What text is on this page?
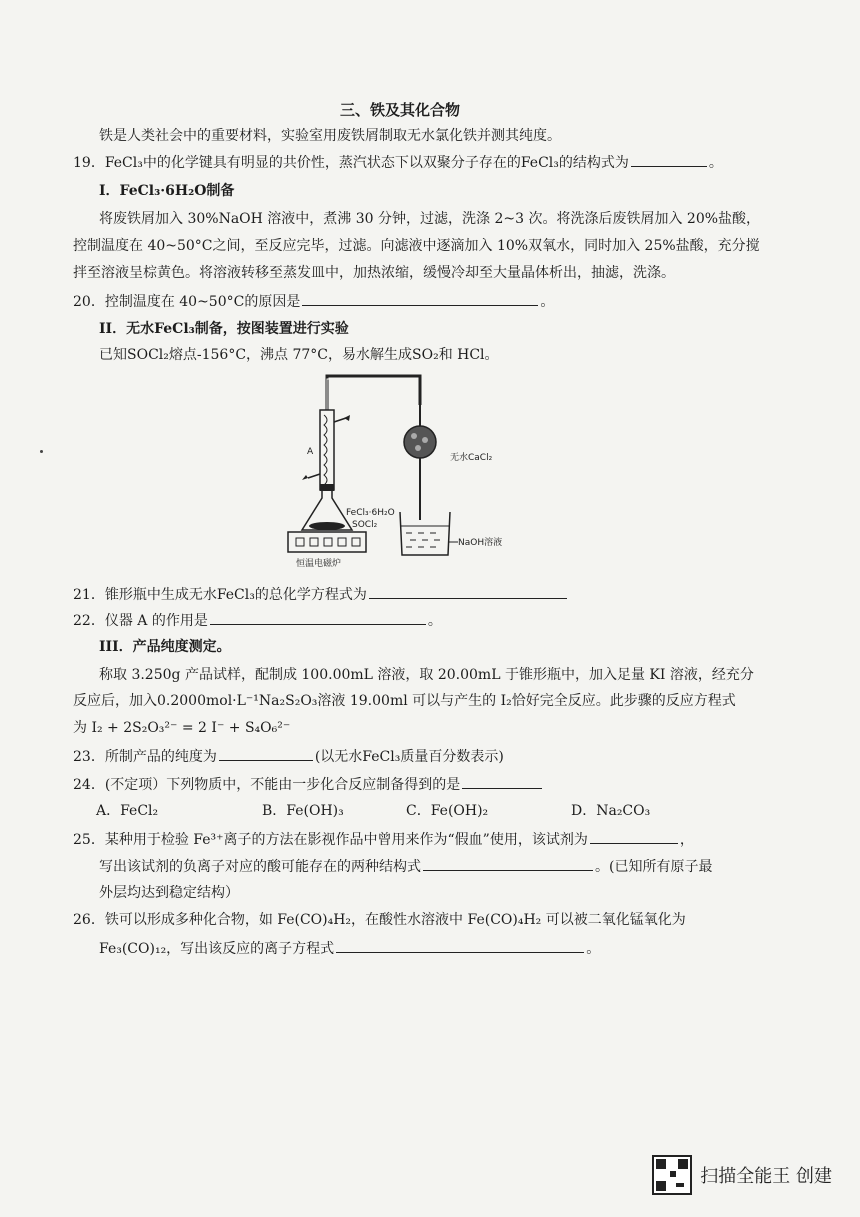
三、铁及其化合物
铁是人类社会中的重要材料，实验室用废铁屑制取无水氯化铁并测其纯度。
19．FeCl₃中的化学键具有明显的共价性，蒸汽状态下以双聚分子存在的FeCl₃的结构式为	。
I．FeCl₃·6H₂O制备
将废铁屑加入 30%NaOH 溶液中，煮沸 30 分钟，过滤，洗涤 2~3 次。将洗涤后废铁屑加入 20%盐酸，
控制温度在 40~50°C之间，至反应完毕，过滤。向滤液中逐滴加入 10%双氧水，同时加入 25%盐酸，充分搅
拌至溶液呈棕黄色。将溶液转移至蒸发皿中，加热浓缩，缓慢冷却至大量晶体析出，抽滤，洗涤。
20．控制温度在 40~50°C的原因是	。
II．无水FeCl₃制备，按图装置进行实验
已知SOCl₂熔点-156°C，沸点 77°C，易水解生成SO₂和 HCl。
A
恒温电磁炉
FeCl₃·6H₂O
SOCl₂
无水CaCl₂
NaOH溶液
21．锥形瓶中生成无水FeCl₃的总化学方程式为
22．仪器 A 的作用是	。
III．产品纯度测定。
称取 3.250g 产品试样，配制成 100.00mL 溶液，取 20.00mL 于锥形瓶中，加入足量 KI 溶液，经充分
反应后，加入0.2000mol·L⁻¹Na₂S₂O₃溶液 19.00ml 可以与产生的 I₂恰好完全反应。此步骤的反应方程式
为 I₂ + 2S₂O₃²⁻ = 2 I⁻ + S₄O₆²⁻
23．所制产品的纯度为	(以无水FeCl₃质量百分数表示)
24．(不定项）下列物质中，不能由一步化合反应制备得到的是
A．FeCl₂	B．Fe(OH)₃	C．Fe(OH)₂	D．Na₂CO₃
25．某种用于检验 Fe³⁺离子的方法在影视作品中曾用来作为“假血”使用，该试剂为	，
写出该试剂的负离子对应的酸可能存在的两种结构式	。(已知所有原子最
外层均达到稳定结构）
26．铁可以形成多种化合物，如 Fe(CO)₄H₂，在酸性水溶液中 Fe(CO)₄H₂ 可以被二氧化锰氧化为
Fe₃(CO)₁₂，写出该反应的离子方程式	。
扫描全能王 创建
